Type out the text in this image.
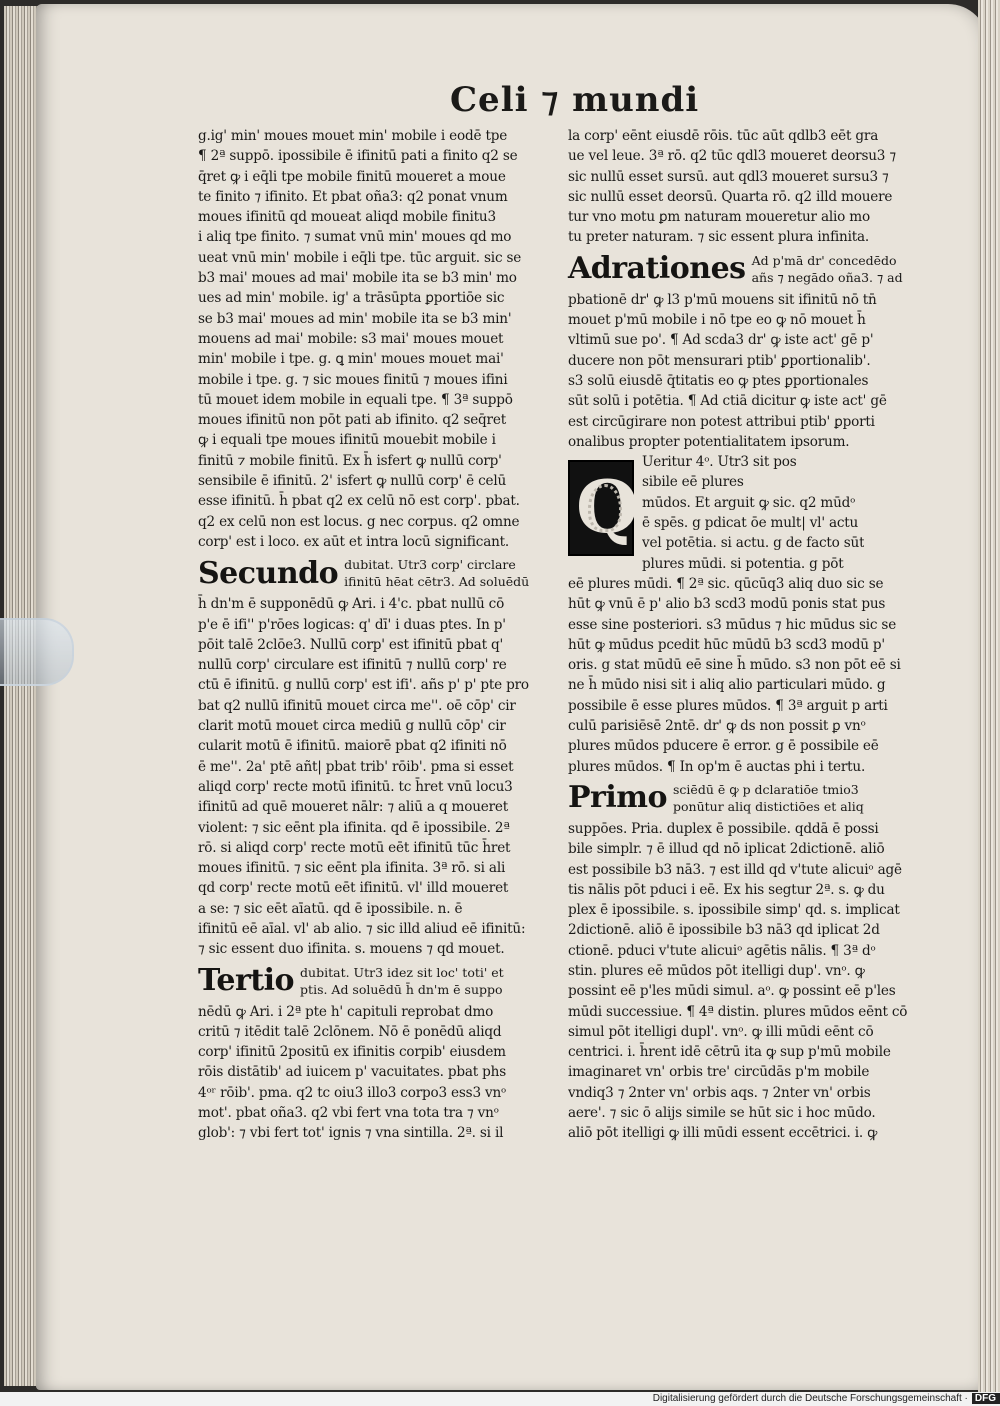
Celi ⁊ mundi
g.ig' min' moues mouet min' mobile i eodē tpe
¶ 2ª suppō. ipossibile ē ifinitū pati a finito q2 se
q̄ret ꝙ i eq̄li tpe mobile finitū moueret a moue
te finito ⁊ ifinito. Et pbat oña3: q2 ponat vnum
moues ifinitū qd moueat aliqd mobile finitu3
i aliq tpe finito. ⁊ sumat vnū min' moues qd mo
ueat vnū min' mobile i eq̄li tpe. tūc arguit. sic se
b3 mai' moues ad mai' mobile ita se b3 min' mo
ues ad min' mobile. ig' a trāsūpta ꝑportiōe sic
se b3 mai' moues ad min' mobile ita se b3 min'
mouens ad mai' mobile: s3 mai' moues mouet
min' mobile i tpe. g. ꝗ min' moues mouet mai'
mobile i tpe. g. ⁊ sic moues finitū ⁊ moues ifini
tū mouet idem mobile in equali tpe. ¶ 3ª suppō
moues ifinitū non pōt pati ab ifinito. q2 seq̄ret
ꝙ i equali tpe moues ifinitū mouebit mobile i
finitū ⁊ mobile finitū. Ex h̄ isfert ꝙ nullū corp'
sensibile ē ifinitū. 2' isfert ꝙ nullū corp' ē celū
esse ifinitū. h̄ pbat q2 ex celū nō est corp'. pbat.
q2 ex celū non est locus. g nec corpus. q2 omne
corp' est i loco. ex aūt et intra locū significant.
Secundo dubitat. Utr3 corp' circlare
ifinitū hēat cētr3. Ad soluēdū
h̄ dn'm ē supponēdū ꝙ Ari. i 4'c. pbat nullū cō
p'e ē ifi'' p'rōes logicas: q' dī' i duas ptes. In p'
pōit talē 2clōe3. Nullū corp' est ifinitū pbat q'
nullū corp' circulare est ifinitū ⁊ nullū corp' re
ctū ē ifinitū. g nullū corp' est ifi'. añs p' p' pte pro
bat q2 nullū ifinitū mouet circa me''. oē cōp' cir
clarit motū mouet circa mediū g nullū cōp' cir
cularit motū ē ifinitū. maiorē pbat q2 ifiniti nō
ē me''. 2a' ptē añt| pbat trib' rōib'. pma si esset
aliqd corp' recte motū ifinitū. tc h̄ret vnū locu3
ifinitū ad quē moueret nālr: ⁊ aliū a q moueret
violent: ⁊ sic eēnt pla ifinita. qd ē ipossibile. 2ª
rō. si aliqd corp' recte motū eēt ifinitū tūc h̄ret
moues ifinitū. ⁊ sic eēnt pla ifinita. 3ª rō. si ali
qd corp' recte motū eēt ifinitū. vl' illd moueret
a se: ⁊ sic eēt aīatū. qd ē ipossibile. n. ē
ifinitū eē aīal. vl' ab alio. ⁊ sic illd aliud eē ifinitū:
⁊ sic essent duo ifinita. s. mouens ⁊ qd mouet.
Tertio dubitat. Utr3 idez sit loc' toti' et
ptis. Ad soluēdū h̄ dn'm ē suppo
nēdū ꝙ Ari. i 2ª pte h' capituli reprobat dmo
critū ⁊ itēdit talē 2clōnem. Nō ē ponēdū aliqd
corp' ifinitū 2positū ex ifinitis corpib' eiusdem
rōis distātib' ad iuicem p' vacuitates. pbat phs
4ᵒʳ rōib'. pma. q2 tc oiu3 illo3 corpo3 ess3 vnᵒ
mot'. pbat oña3. q2 vbi fert vna tota tra ⁊ vnᵒ
glob': ⁊ vbi fert tot' ignis ⁊ vna sintilla. 2ª. si il
la corp' eēnt eiusdē rōis. tūc aūt qdlb3 eēt gra
ue vel leue. 3ª rō. q2 tūc qdl3 moueret deorsu3 ⁊
sic nullū esset sursū. aut qdl3 moueret sursu3 ⁊
sic nullū esset deorsū. Quarta rō. q2 illd mouere
tur vno motu ꝑm naturam moueretur alio mo
tu preter naturam. ⁊ sic essent plura infinita.
Adrationes Ad p'mā dr' concedēdo
añs ⁊ negādo oña3. ⁊ ad
pbationē dr' ꝙ l3 p'mū mouens sit ifinitū nō tn̄
mouet p'mū mobile i nō tpe eo ꝙ nō mouet h̄
vltimū sue po'. ¶ Ad scda3 dr' ꝙ iste act' gē p'
ducere non pōt mensurari ptib' ꝑportionalib'.
s3 solū eiusdē q̄titatis eo ꝙ ptes ꝑportionales
sūt solū i potētia. ¶ Ad ctiā dicitur ꝙ iste act' gē
est circūgirare non potest attribui ptib' ꝑporti
onalibus propter potentialitatem ipsorum.
Q
Ueritur 4ᵒ. Utr3 sit pos
sibile eē plures
mūdos. Et arguit ꝙ sic. q2 mūdᵒ
ē spēs. g pdicat ōe mult| vl' actu
vel potētia. si actu. g de facto sūt
plures mūdi. si potentia. g pōt
eē plures mūdi. ¶ 2ª sic. qūcūq3 aliq duo sic se
hūt ꝙ vnū ē p' alio b3 scd3 modū ponis stat pus
esse sine posteriori. s3 mūdus ⁊ hic mūdus sic se
hūt ꝙ mūdus pcedit hūc mūdū b3 scd3 modū p'
oris. g stat mūdū eē sine h̄ mūdo. s3 non pōt eē si
ne h̄ mūdo nisi sit i aliq alio particulari mūdo. g
possibile ē esse plures mūdos. ¶ 3ª arguit p arti
culū parisiēsē 2ntē. dr' ꝙ ds non possit ꝑ vnᵒ
plures mūdos pducere ē error. g ē possibile eē
plures mūdos. ¶ In op'm ē auctas phi i tertu.
Primo sciēdū ē ꝙ p dclaratiōe tmio3
ponūtur aliq distictiōes et aliq
suppōes. Pria. duplex ē possibile. qddā ē possi
bile simplr. ⁊ ē illud qd nō iplicat 2dictionē. aliō
est possibile b3 nā3. ⁊ est illd qd v'tute alicuiᵒ agē
tis nālis pōt pduci i eē. Ex his segtur 2ª. s. ꝙ du
plex ē ipossibile. s. ipossibile simp' qd. s. implicat
2dictionē. aliō ē ipossibile b3 nā3 qd iplicat 2d
ctionē. pduci v'tute alicuiᵒ agētis nālis. ¶ 3ª dᵒ
stin. plures eē mūdos pōt itelligi dup'. vnᵒ. ꝙ
possint eē p'les mūdi simul. aᵒ. ꝙ possint eē p'les
mūdi successiue. ¶ 4ª distin. plures mūdos eēnt cō
simul pōt itelligi dupl'. vnᵒ. ꝙ illi mūdi eēnt cō
centrici. i. h̄rent idē cētrū ita ꝙ sup p'mū mobile
imaginaret vn' orbis tre' circūdās p'm mobile
vndiq3 ⁊ 2nter vn' orbis aqs. ⁊ 2nter vn' orbis
aere'. ⁊ sic ō alijs simile se hūt sic i hoc mūdo.
aliō pōt itelligi ꝙ illi mūdi essent eccētrici. i. ꝙ
Digitalisierung gefördert durch die Deutsche Forschungsgemeinschaft · DFG
